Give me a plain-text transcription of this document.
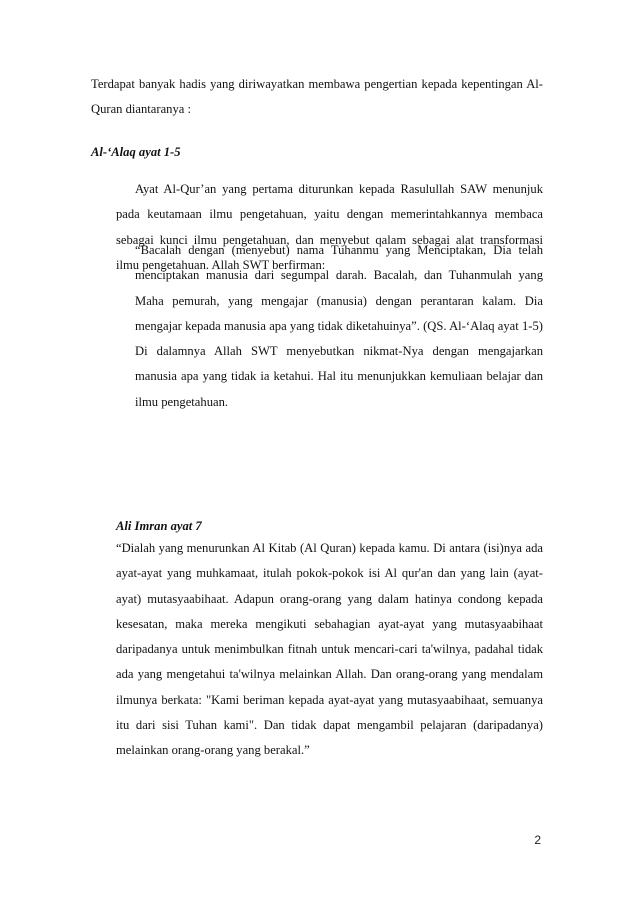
Terdapat banyak hadis yang diriwayatkan membawa pengertian kepada kepentingan Al-Quran diantaranya :

Al-‘Alaq ayat 1-5

Ayat Al-Qur’an yang pertama diturunkan kepada Rasulullah SAW menunjuk pada keutamaan ilmu pengetahuan, yaitu dengan memerintahkannya membaca sebagai kunci ilmu pengetahuan, dan menyebut qalam sebagai alat transformasi ilmu pengetahuan. Allah SWT berfirman:

“Bacalah dengan (menyebut) nama Tuhanmu yang Menciptakan, Dia telah menciptakan manusia dari segumpal darah. Bacalah, dan Tuhanmulah yang Maha pemurah, yang mengajar (manusia) dengan perantaran kalam. Dia mengajar kepada manusia apa yang tidak diketahuinya”. (QS. Al-‘Alaq ayat 1-5) Di dalamnya Allah SWT menyebutkan nikmat-Nya dengan mengajarkan manusia apa yang tidak ia ketahui. Hal itu menunjukkan kemuliaan belajar dan ilmu pengetahuan.

Ali Imran ayat 7

“Dialah yang menurunkan Al Kitab (Al Quran) kepada kamu. Di antara (isi)nya ada ayat-ayat yang muhkamaat, itulah pokok-pokok isi Al qur'an dan yang lain (ayat-ayat) mutasyaabihaat. Adapun orang-orang yang dalam hatinya condong kepada kesesatan, maka mereka mengikuti sebahagian ayat-ayat yang mutasyaabihaat daripadanya untuk menimbulkan fitnah untuk mencari-cari ta'wilnya, padahal tidak ada yang mengetahui ta'wilnya melainkan Allah. Dan orang-orang yang mendalam ilmunya berkata: "Kami beriman kepada ayat-ayat yang mutasyaabihaat, semuanya itu dari sisi Tuhan kami". Dan tidak dapat mengambil pelajaran (daripadanya) melainkan orang-orang yang berakal.”

2
